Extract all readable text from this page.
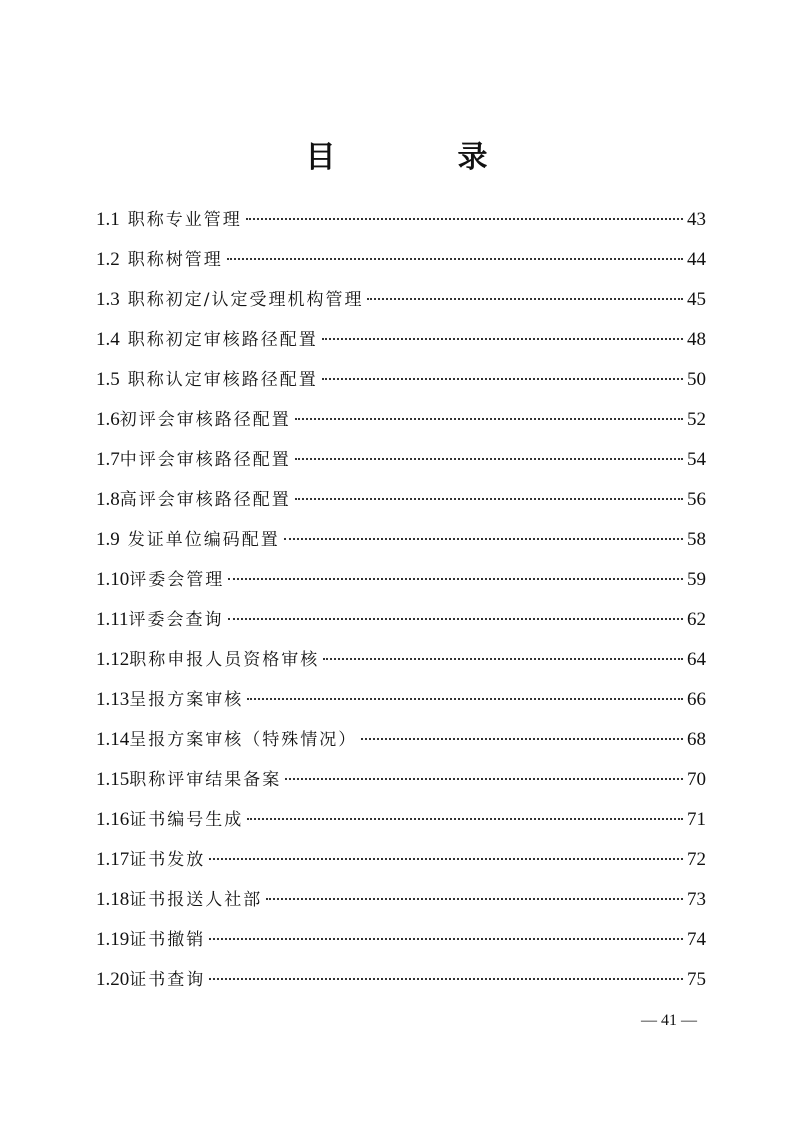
目　录
1.1 职称专业管理	43
1.2 职称树管理	44
1.3 职称初定/认定受理机构管理	45
1.4 职称初定审核路径配置	48
1.5 职称认定审核路径配置	50
1.6 初评会审核路径配置	52
1.7 中评会审核路径配置	54
1.8 高评会审核路径配置	56
1.9 发证单位编码配置	58
1.10 评委会管理	59
1.11 评委会查询	62
1.12 职称申报人员资格审核	64
1.13 呈报方案审核	66
1.14 呈报方案审核（特殊情况）	68
1.15 职称评审结果备案	70
1.16 证书编号生成	71
1.17 证书发放	72
1.18 证书报送人社部	73
1.19 证书撤销	74
1.20 证书查询	75
— 41 —
